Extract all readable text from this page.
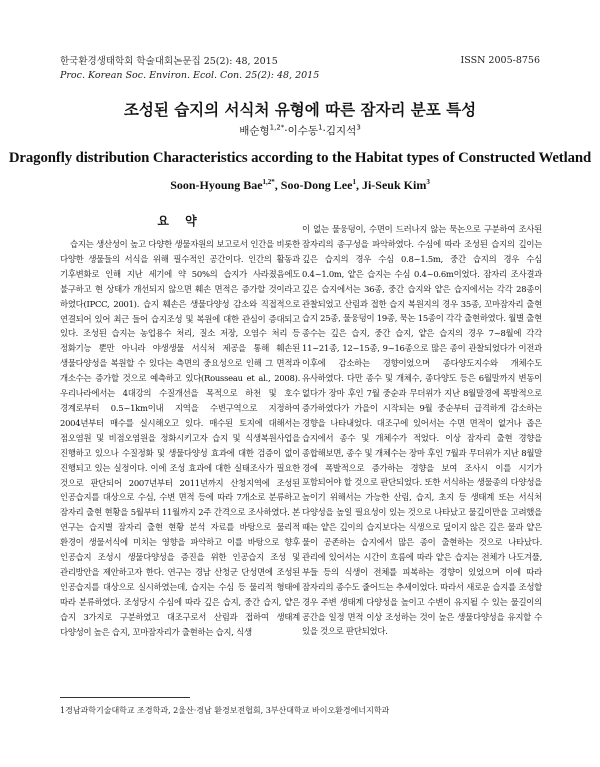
한국환경생태학회 학술대회논문집 25(2): 48, 2015
Proc. Korean Soc. Environ. Ecol. Con. 25(2): 48, 2015
ISSN 2005-8756
조성된 습지의 서식처 유형에 따른 잠자리 분포 특성
배순형$^{1,2*}$·이수동$^1$·김지석$^3$
Dragonfly distribution Characteristics according to the Habitat types of Constructed Wetland
Soon-Hyoung Bae$^{1,2*}$, Soo-Dong Lee$^1$, Ji-Seuk Kim$^3$
요 약
습지는 생산성이 높고 다양한 생물자원의 보고로서 인간을 비롯한 다양한 생물들의 서식을 위해 필수적인 공간이다. 인간의 활동과 기후변화로 인해 지난 세기에 약 50%의 습지가 사라졌음에도 불구하고 현 상태가 개선되지 않으면 훼손 면적은 증가할 것이라고 하였다(IPCC, 2001). 습지 훼손은 생물다양성 감소와 직접적으로 연결되어 있어 최근 들어 습지조성 및 복원에 대한 관심이 증대되고 있다. 조성된 습지는 농업용수 처리, 질소 저장, 오염수 처리 등 정화기능 뿐만 아니라 야생생물 서식처 제공을 통해 훼손된 생물다양성을 복원할 수 있다는 측면의 중요성으로 인해 그 면적과 개소수는 증가할 것으로 예측하고 있다(Rousseau et al., 2008). 우리나라에서는 4대강의 수질개선을 목적으로 하천 및 호수 경계로부터 0.5~1km이내 지역을 수변구역으로 지정하여 2004년부터 매수를 실시해오고 있다. 매수된 토지에 대해서는 점오염원 및 비점오염원을 정화시키고자 습지 및 식생복원사업을 진행하고 있으나 수질정화 및 생물다양성 효과에 대한 검증이 없이 진행되고 있는 실정이다. 이에 조성 효과에 대한 실태조사가 필요한 것으로 판단되어 2007년부터 2011년까지 산청지역에 조성된 인공습지를 대상으로 수심, 수변 면적 등에 따라 7개소로 분류하고 잠자리 출현 현황을 5월부터 11월까지 2주 간격으로 조사하였다. 본 연구는 습지별 잠자리 출현 현황 분석 자료를 바탕으로 물리적 환경이 생물서식에 미치는 영향을 파악하고 이를 바탕으로 향후 인공습지 조성시 생물다양성을 증진을 위한 인공습지 조성 및 관리방안을 제안하고자 한다. 연구는 경남 산청군 단성면에 조성된 인공습지를 대상으로 실시하였는데, 습지는 수심 등 물리적 형태에 따라 분류하였다. 조성당시 수심에 따라 깊은 습지, 중간 습지, 얕은 습지 3가지로 구분하였고 대조구로서 산림과 접하여 생태계 다양성이 높은 습지, 꼬마잠자리가 출현하는 습지, 식생
이 없는 물웅덩이, 수면이 드러나지 않는 묵논으로 구분하여 조사된 잠자리의 종구성을 파악하였다. 수심에 따라 조성된 습지의 깊이는 깊은 습지의 경우 수심 0.8~1.5m, 중간 습지의 경우 수심 0.4~1.0m, 얕은 습지는 수심 0.4~0.6m이었다. 잠자리 조사결과 깊은 습지에서는 36종, 중간 습지와 얕은 습지에서는 각각 28종이 관찰되었고 산림과 접한 습지 복원지의 경우 35종, 꼬마잠자리 출현 습지 25종, 물웅덩이 19종, 묵논 15종이 각각 출현하였다. 월별 출현 종수는 깊은 습지, 중간 습지, 얕은 습지의 경우 7~8월에 각각 11~21종, 12~15종, 9~16종으로 많은 종이 관찰되었다가 이전과 이후에 감소하는 경향이었으며 종다양도지수와 개체수도 유사하였다. 다만 종수 및 개체수, 종다양도 등은 6월말까지 변동이 없다가 장마 후인 7월 중순과 무더위가 지난 8월말경에 폭발적으로 증가하였다가 가을이 시작되는 9월 중순부터 급격하게 감소하는 경향을 나타내었다. 대조구에 있어서는 수면 면적이 없거나 좁은 습지에서 종수 및 개체수가 적었다. 이상 잠자리 출현 경향을 종합해보면, 종수 및 개체수는 장마 후인 7월과 무더위가 지난 8월말 경에 폭발적으로 증가하는 경향을 보여 조사시 이를 시기가 포함되어야 할 것으로 판단되었다. 또한 서식하는 생물종의 다양성을 높이기 위해서는 가능한 산림, 습지, 초지 등 생태계 또는 서식처 다양성을 높일 필요성이 있는 것으로 나타났고 물깊이만을 고려했을 때는 얕은 깊이의 습지보다는 식생으로 덮이지 않은 깊은 물과 얕은 물이 공존하는 습지에서 많은 종이 출현하는 것으로 나타났다. 관리에 있어서는 시간이 흐름에 따라 얕은 습지는 전체가 나도겨풀, 부들 등의 식생이 전체를 피복하는 경향이 있었으며 이에 따라 잠자리의 종수도 줄어드는 추세이었다. 따라서 새로운 습지를 조성할 경우 주변 생태계 다양성을 높이고 수변이 유지될 수 있는 물길이의 공간을 일정 면적 이상 조성하는 것이 높은 생물다양성을 유지할 수 있을 것으로 판단되었다.
1경남과학기술대학교 조경학과, 2울산·경남 환경보전협회, 3부산대학교 바이오환경에너지학과
